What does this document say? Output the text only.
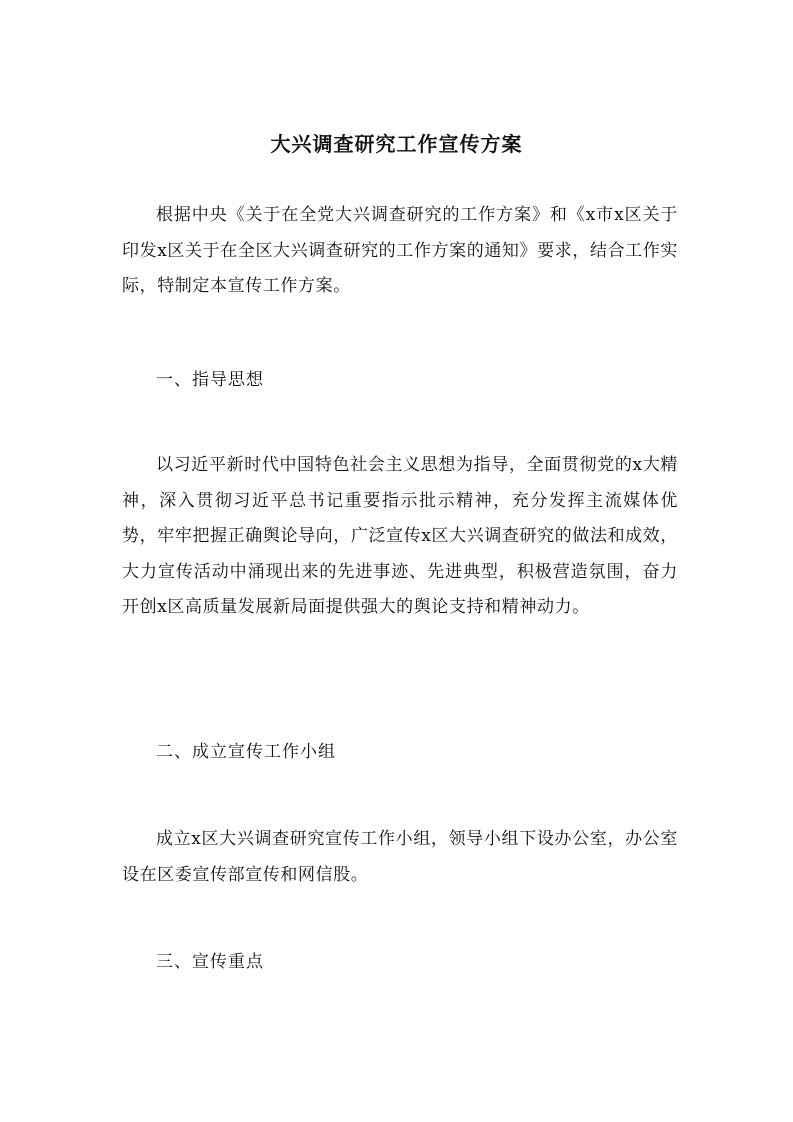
大兴调查研究工作宣传方案

根据中央《关于在全党大兴调查研究的工作方案》和《x市x区关于印发x区关于在全区大兴调查研究的工作方案的通知》要求，结合工作实际，特制定本宣传工作方案。

一、指导思想

以习近平新时代中国特色社会主义思想为指导，全面贯彻党的x大精神，深入贯彻习近平总书记重要指示批示精神，充分发挥主流媒体优势，牢牢把握正确舆论导向，广泛宣传x区大兴调查研究的做法和成效，大力宣传活动中涌现出来的先进事迹、先进典型，积极营造氛围，奋力开创x区高质量发展新局面提供强大的舆论支持和精神动力。

二、成立宣传工作小组

成立x区大兴调查研究宣传工作小组，领导小组下设办公室，办公室设在区委宣传部宣传和网信股。

三、宣传重点
